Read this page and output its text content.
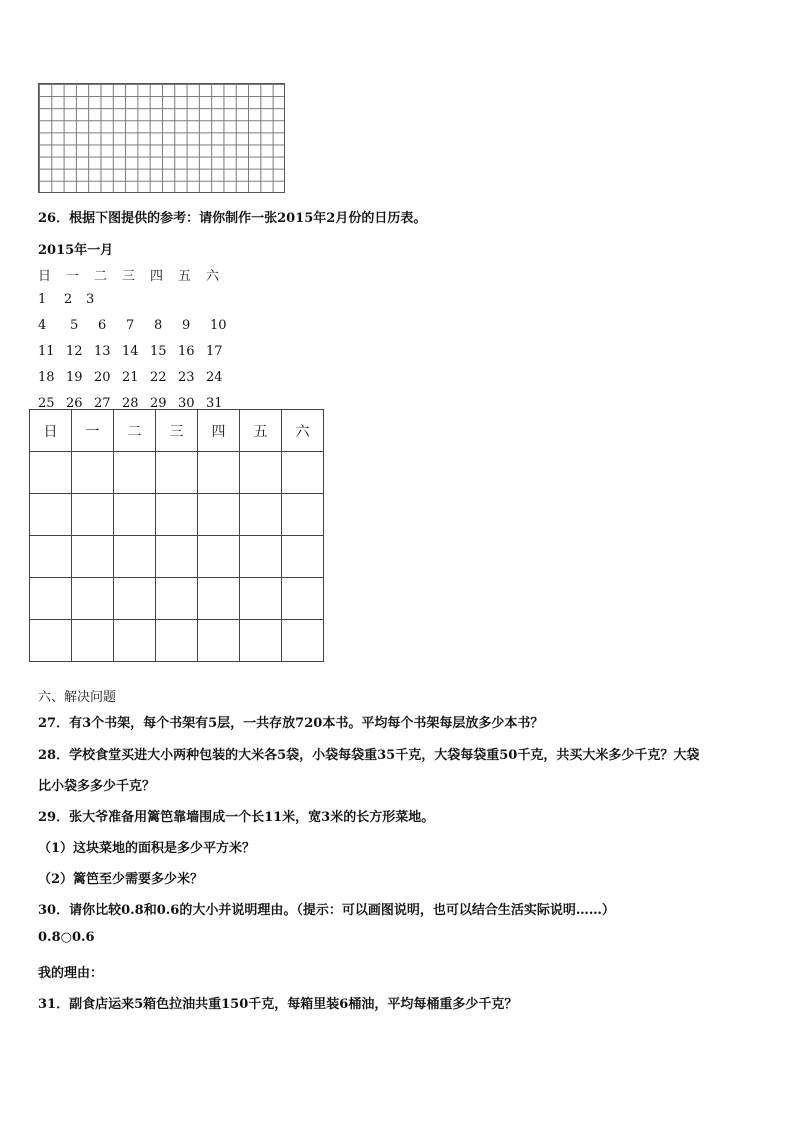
26．根据下图提供的参考：请你制作一张2015年2月份的日历表。
2015年一月
日	一	二	三	四	五	六
1	2	3
4	5	6	7	8	9	10
11 12 13 14 15 16 17
18 19 20 21 22 23 24
25 26 27 28 29 30 31
日	一	二	三	四	五	六

六、解决问题
27．有3个书架，每个书架有5层，一共存放720本书。平均每个书架每层放多少本书？
28．学校食堂买进大小两种包装的大米各5袋，小袋每袋重35千克，大袋每袋重50千克，共买大米多少千克？大袋
比小袋多多少千克？
29．张大爷准备用篱笆靠墙围成一个长11米，宽3米的长方形菜地。
（1）这块菜地的面积是多少平方米？
（2）篱笆至少需要多少米？
30．请你比较0.8和0.6的大小并说明理由。（提示：可以画图说明，也可以结合生活实际说明……）
0.8○0.6
我的理由：
31．副食店运来5箱色拉油共重150千克，每箱里装6桶油，平均每桶重多少千克？
